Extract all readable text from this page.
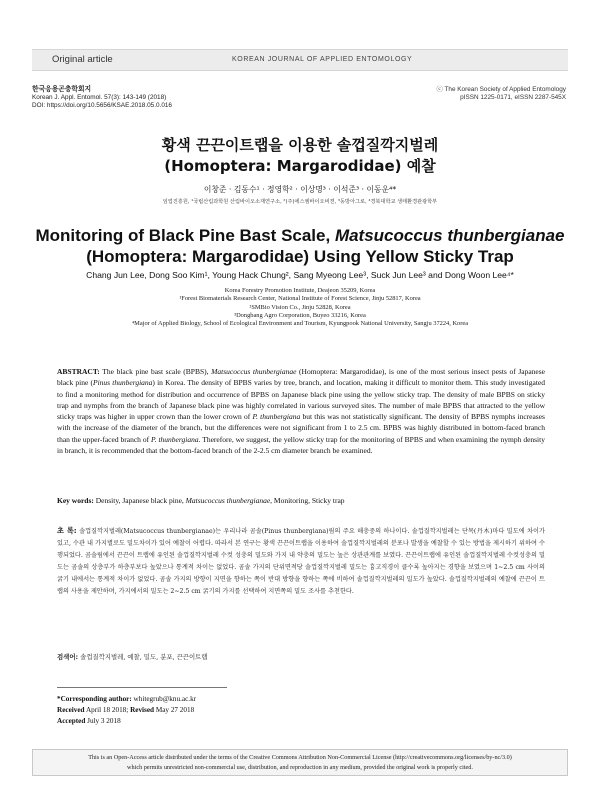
Original article	KOREAN JOURNAL OF APPLIED ENTOMOLOGY
한국응용곤충학회지
Korean J. Appl. Entomol. 57(3): 143-149 (2018)
DOI: https://doi.org/10.5656/KSAE.2018.05.0.016
ⓒ The Korean Society of Applied Entomology
pISSN 1225-0171, eISSN 2287-545X
황색 끈끈이트랩을 이용한 솔껍질깍지벌레
(Homoptera: Margarodidae) 예찰
이창준 · 김동수¹ · 정영학² · 이상명³ · 이석준³ · 이동운⁴*
임업진흥원, ¹국립산림과학원 산림바이오소재연구소, ²(주)에스엠바이오비젼, ³동방아그로, ⁴경북대학교 생태환경관광학부
Monitoring of Black Pine Bast Scale, Matsucoccus thunbergianae
(Homoptera: Margarodidae) Using Yellow Sticky Trap
Chang Jun Lee, Dong Soo Kim¹, Young Hack Chung², Sang Myeong Lee³, Suck Jun Lee³ and Dong Woon Lee⁴*
Korea Forestry Promotion Institute, Deajeon 35209, Korea
¹Forest Biomaterials Research Center, National Institute of Forest Science, Jinju 52817, Korea
²SMBio Vision Co., Jinju 52828, Korea
³Dongbang Agro Corporation, Buyeo 33216, Korea
⁴Major of Applied Biology, School of Ecological Environment and Tourism, Kyungpook National University, Sangju 37224, Korea
ABSTRACT: The black pine bast scale (BPBS), Matsucoccus thunbergianae (Homoptera: Margarodidae), is one of the most serious insect pests of Japanese black pine (Pinus thunbergiana) in Korea. The density of BPBS varies by tree, branch, and location, making it difficult to monitor them. This study investigated to find a monitoring method for distribution and occurrence of BPBS on Japanese black pine using the yellow sticky trap. The density of male BPBS on sticky trap and nymphs from the branch of Japanese black pine was highly correlated in various surveyed sites. The number of male BPBS that attracted to the yellow sticky traps was higher in upper crown than the lower crown of P. thunbergiana but this was not statistically significant. The density of BPBS nymphs increases with the increase of the diameter of the branch, but the differences were not significant from 1 to 2.5 cm. BPBS was highly distributed in bottom-faced branch than the upper-faced branch of P. thunbergiana. Therefore, we suggest, the yellow sticky trap for the monitoring of BPBS and when examining the nymph density in branch, it is recommended that the bottom-faced branch of the 2-2.5 cm diameter branch be examined.
Key words: Density, Japanese black pine, Matsucoccus thunbergianae, Monitoring, Sticky trap
초 록: 솔껍질깍지벌레(Matsucoccus thunbergianae)는 우리나라 곰솔(Pinus thunbergiana)림의 주요 해충중의 하나이다. 솔껍질깍지벌레는 단목(丹木)마다 밀도에 차이가 있고, 수관 내 가지별로도 밀도차이가 있어 예찰이 어렵다. 따라서 본 연구는 황색 끈끈이트랩을 이용하여 솔껍질깍지벌레의 분포나 발생을 예찰할 수 있는 방법을 제시하기 위하여 수행되었다. 곰솔림에서 끈끈이 트랩에 유인된 솔껍질깍지벌레 수컷 성충의 밀도와 가지 내 약충의 밀도는 높은 상관관계를 보였다. 끈끈이트랩에 유인된 솔껍질깍지벌레 수컷성충의 밀도는 곰솔의 상층부가 하층부보다 높았으나 통계적 차이는 없었다. 곰솔 가지의 단위면적당 솔껍질깍지벌레 밀도는 흉고직경이 클수록 높아지는 경향을 보였으며 1~2.5 cm 사이의 굵기 내에서는 통계적 차이가 없었다. 곰솔 가지의 방향이 지면을 향하는 쪽이 반대 방향을 향하는 쪽에 비하여 솔껍질깍지벌레의 밀도가 높았다. 솔껍질깍지벌레의 예찰에 끈끈이 트랩의 사용을 제안하며, 가지에서의 밀도는 2~2.5 cm 굵기의 가지를 선택하여 지면쪽의 밀도 조사를 추천한다.
검색어: 솔껍질깍지벌레, 예찰, 밀도, 분포, 끈끈이트랩
*Corresponding author: whitegrub@knu.ac.kr
Received April 18 2018; Revised May 27 2018
Accepted July 3 2018
This is an Open-Access article distributed under the terms of the Creative Commons Attribution Non-Commercial License (http://creativecommons.org/licenses/by-nc/3.0)
which permits unrestricted non-commercial use, distribution, and reproduction in any medium, provided the original work is properly cited.
